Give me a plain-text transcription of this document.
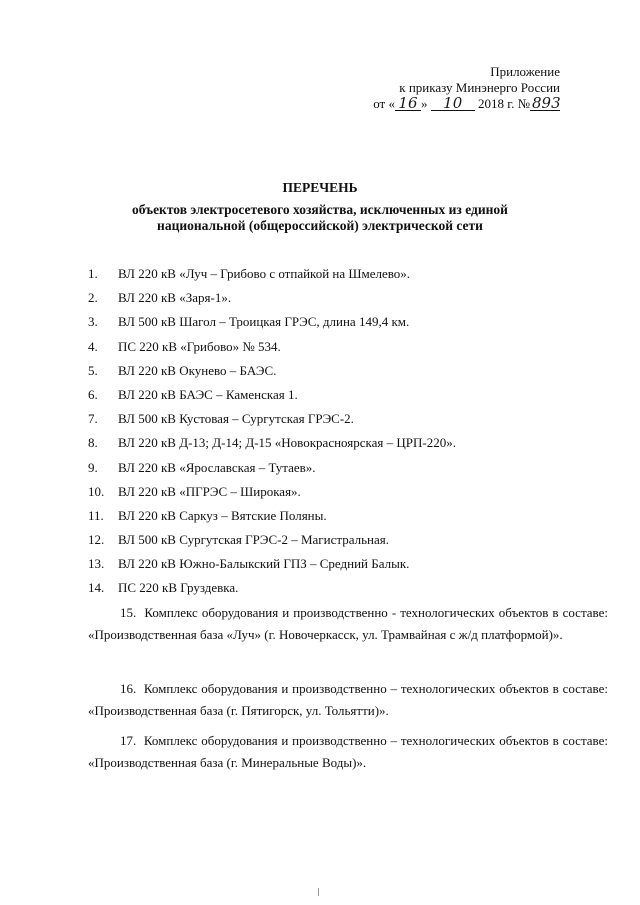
Приложение
к приказу Минэнерго России
от « 16 » 10 2018 г. № 893
ПЕРЕЧЕНЬ
объектов электросетевого хозяйства, исключенных из единой
национальной (общероссийской) электрической сети
1.	ВЛ 220 кВ «Луч – Грибово с отпайкой на Шмелево».
2.	ВЛ 220 кВ «Заря-1».
3.	ВЛ 500 кВ Шагол – Троицкая ГРЭС, длина 149,4 км.
4.	ПС 220 кВ «Грибово» № 534.
5.	ВЛ 220 кВ Окунево – БАЭС.
6.	ВЛ 220 кВ БАЭС – Каменская 1.
7.	ВЛ 500 кВ Кустовая – Сургутская ГРЭС-2.
8.	ВЛ 220 кВ Д-13; Д-14; Д-15 «Новокрасноярская – ЦРП-220».
9.	ВЛ 220 кВ «Ярославская – Тутаев».
10.	ВЛ 220 кВ «ПГРЭС – Широкая».
11.	ВЛ 220 кВ Саркуз – Вятские Поляны.
12.	ВЛ 500 кВ Сургутская ГРЭС-2 – Магистральная.
13.	ВЛ 220 кВ Южно-Балыкский ГПЗ – Средний Балык.
14.	ПС 220 кВ Груздевка.
15. Комплекс оборудования и производственно - технологических объектов в составе: «Производственная база «Луч» (г. Новочеркасск, ул. Трамвайная с ж/д платформой)».
16. Комплекс оборудования и производственно – технологических объектов в составе: «Производственная база (г. Пятигорск, ул. Тольятти)».
17. Комплекс оборудования и производственно – технологических объектов в составе: «Производственная база (г. Минеральные Воды)».
